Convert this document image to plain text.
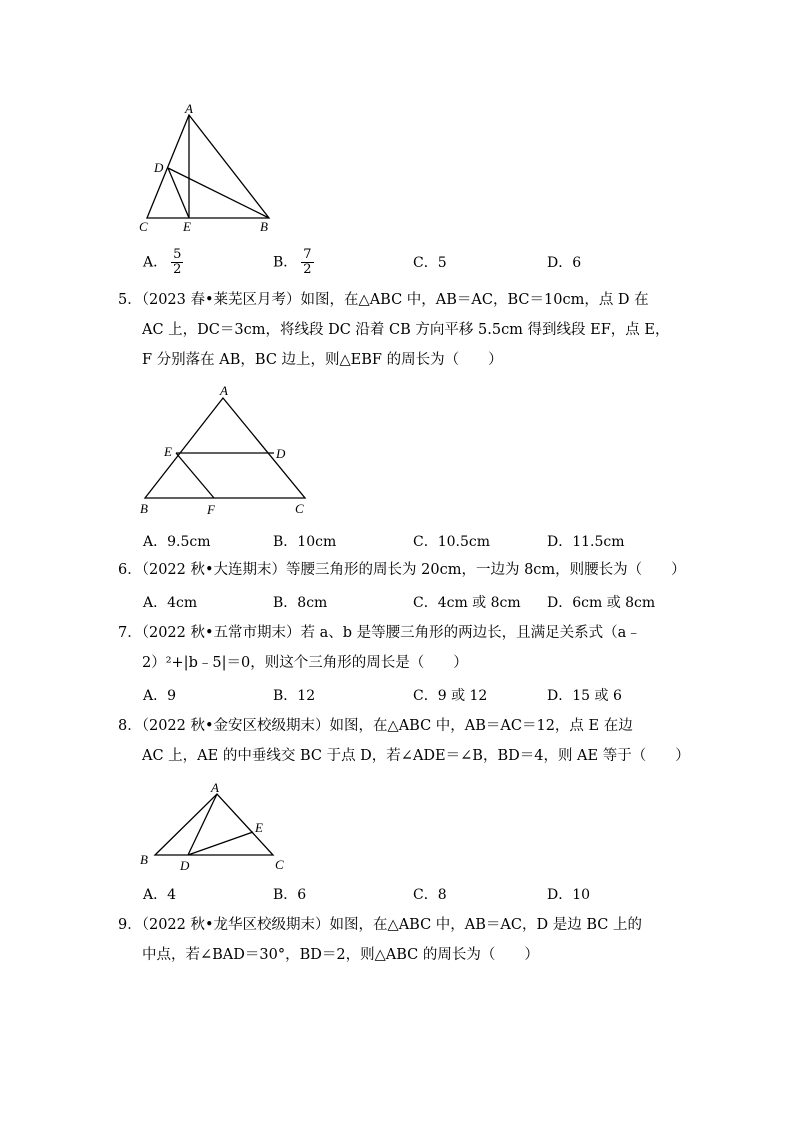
A
D
C	E	B
A． $\frac{5}{2}$	B． $\frac{7}{2}$	C．5	D．6
5．（2023 春•莱芜区月考）如图，在△ABC 中，AB＝AC，BC＝10cm，点 D 在
AC 上，DC＝3cm，将线段 DC 沿着 CB 方向平移 5.5cm 得到线段 EF，点 E，
F 分别落在 AB，BC 边上，则△EBF 的周长为（　　）
A
E	D
B	F	C
A．9.5cm	B．10cm	C．10.5cm	D．11.5cm
6．（2022 秋•大连期末）等腰三角形的周长为 20cm，一边为 8cm，则腰长为（　　）
A．4cm	B．8cm	C．4cm 或 8cm D．6cm 或 8cm
7．（2022 秋•五常市期末）若 a、b 是等腰三角形的两边长，且满足关系式（a﹣
2）²+|b﹣5|＝0，则这个三角形的周长是（　　）
A．9	B．12	C．9 或 12	D．15 或 6
8．（2022 秋•金安区校级期末）如图，在△ABC 中，AB＝AC＝12，点 E 在边
AC 上，AE 的中垂线交 BC 于点 D，若∠ADE＝∠B，BD＝4，则 AE 等于（　　）
A
E
B D	C
A．4	B．6	C．8	D．10
9．（2022 秋•龙华区校级期末）如图，在△ABC 中，AB＝AC，D 是边 BC 上的
中点，若∠BAD＝30°，BD＝2，则△ABC 的周长为（　　）
